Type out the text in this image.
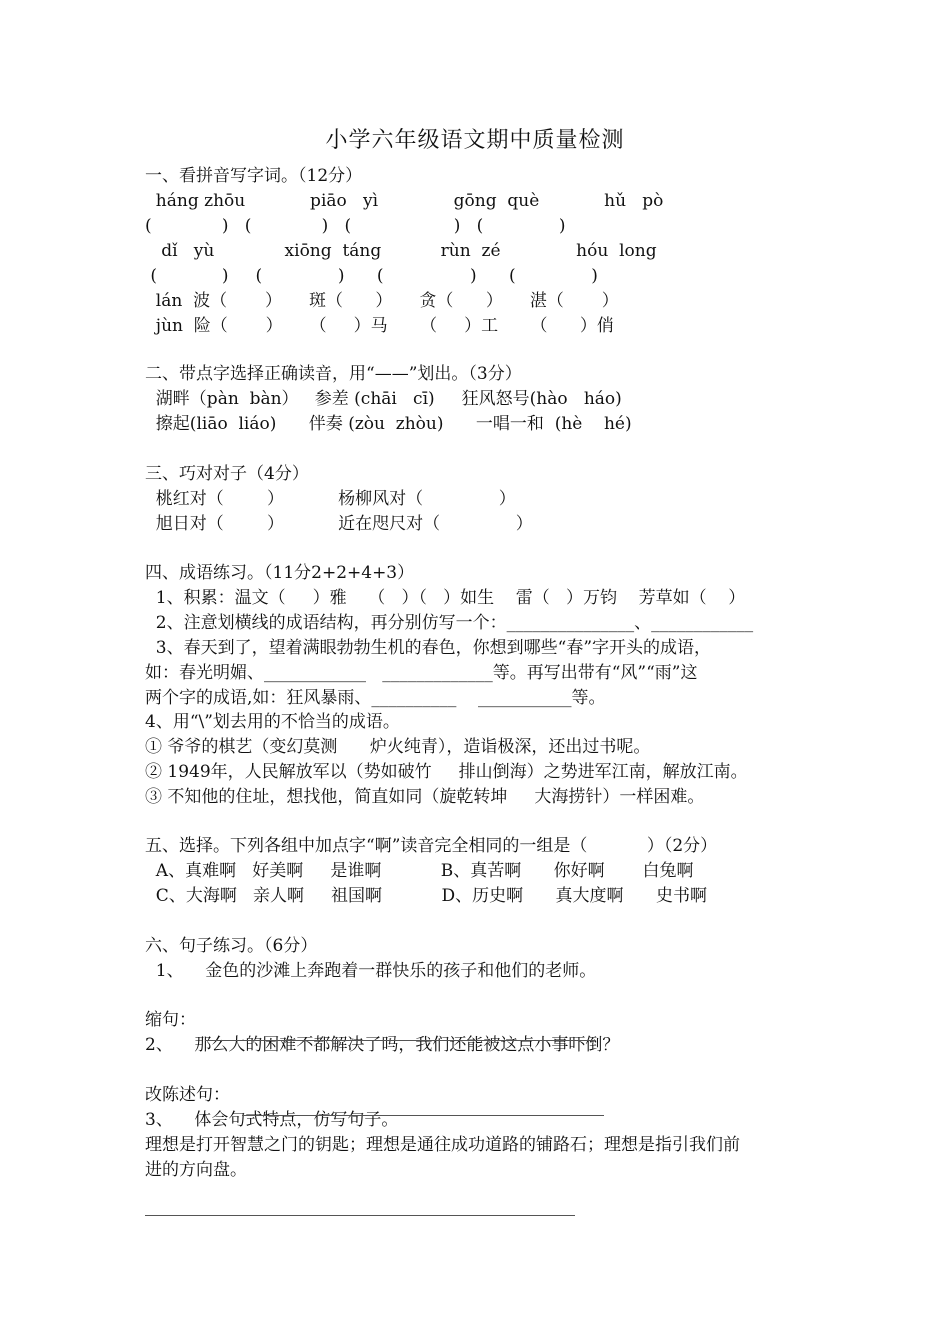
小学六年级语文期中质量检测
一、看拼音写字词。（12分）
háng zhōu            piāo   yì              gōng  què            hǔ   pò
(             )   (             )   (                   )   (              )
dǐ   yù             xiōng  táng           rùn  zé              hóu  long
(            )     (              )      (                )      (              )
lán  波（       ）     斑（      ）     贪（      ）     湛（       ）
jùn  险（       ）     （     ）马      （     ）工      （      ）俏
二、带点字选择正确读音，用“——”划出。（3分）
湖畔（pàn  bàn）   参差 (chāi   cī)     狂风怒号(hào   háo)
擦起(liāo  liáo)      伴奏 (zòu  zhòu)      一唱一和  (hè    hé)
三、巧对对子（4分）
桃红对（        ）          杨柳风对（              ）
旭日对（        ）          近在咫尺对（              ）
四、成语练习。（11分2+2+4+3）
1、积累：温文（     ）雅    （   ）（   ）如生    雷（   ）万钧    芳草如（    ）
2、注意划横线的成语结构，再分别仿写一个：_______________、____________
3、春天到了，望着满眼勃勃生机的春色，你想到哪些“春”字开头的成语，
如：春光明媚、____________   _____________等。再写出带有“风”“雨”这
两个字的成语,如：狂风暴雨、__________    ___________等。
4、用“\”划去用的不恰当的成语。
① 爷爷的棋艺（变幻莫测      炉火纯青），造诣极深，还出过书呢。
② 1949年，人民解放军以（势如破竹     排山倒海）之势进军江南，解放江南。
③ 不知他的住址，想找他，简直如同（旋乾转坤     大海捞针）一样困难。
五、选择。下列各组中加点字“啊”读音完全相同的一组是（           ）（2分）
A、真难啊   好美啊     是谁啊           B、真苦啊      你好啊       白兔啊
C、大海啊   亲人啊     祖国啊           D、历史啊      真大度啊      史书啊
六、句子练习。（6分）
1、    金色的沙滩上奔跑着一群快乐的孩子和他们的老师。
缩句：
2、    那么大的困难不都解决了吗，我们还能被这点小事吓倒？
改陈述句：
3、    体会句式特点，仿写句子。
理想是打开智慧之门的钥匙；理想是通往成功道路的铺路石；理想是指引我们前
进的方向盘。
